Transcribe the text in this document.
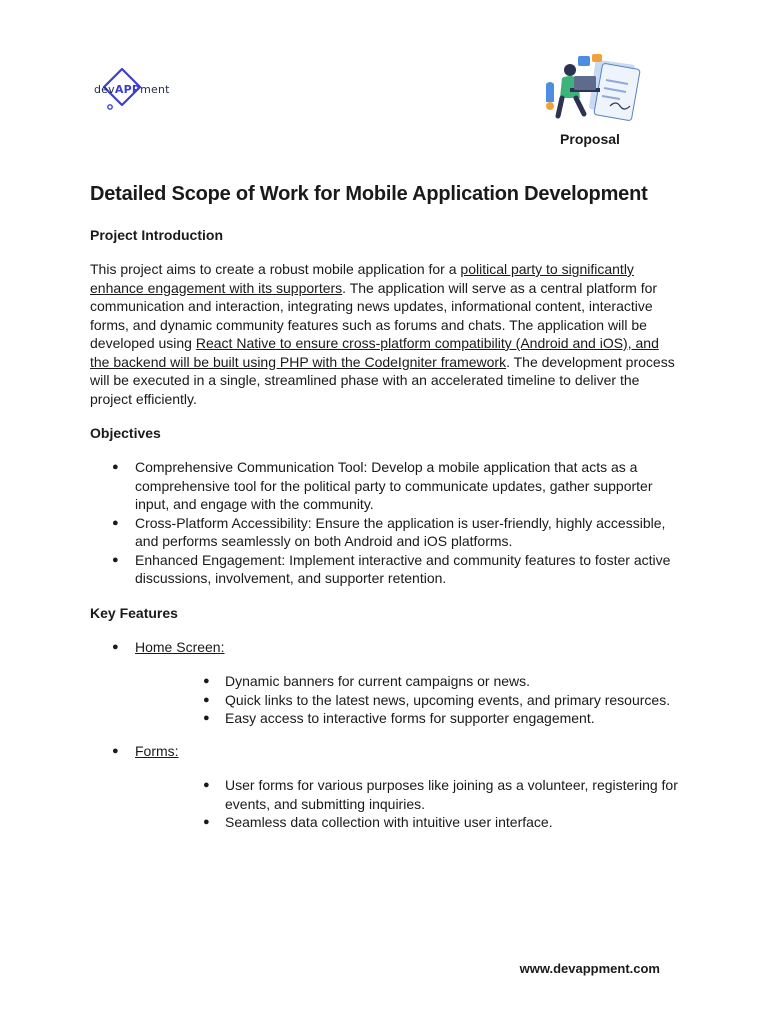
devAPPment
Proposal
Detailed Scope of Work for Mobile Application Development
Project Introduction

This project aims to create a robust mobile application for a political party to significantly enhance engagement with its supporters. The application will serve as a central platform for communication and interaction, integrating news updates, informational content, interactive forms, and dynamic community features such as forums and chats. The application will be developed using React Native to ensure cross-platform compatibility (Android and iOS), and the backend will be built using PHP with the CodeIgniter framework. The development process will be executed in a single, streamlined phase with an accelerated timeline to deliver the project efficiently.

Objectives
● Comprehensive Communication Tool: Develop a mobile application that acts as a comprehensive tool for the political party to communicate updates, gather supporter input, and engage with the community.
● Cross-Platform Accessibility: Ensure the application is user-friendly, highly accessible, and performs seamlessly on both Android and iOS platforms.
● Enhanced Engagement: Implement interactive and community features to foster active discussions, involvement, and supporter retention.
Key Features
● Home Screen:
● Dynamic banners for current campaigns or news.
● Quick links to the latest news, upcoming events, and primary resources.
● Easy access to interactive forms for supporter engagement.
● Forms:
● User forms for various purposes like joining as a volunteer, registering for events, and submitting inquiries.
● Seamless data collection with intuitive user interface.
www.devappment.com
